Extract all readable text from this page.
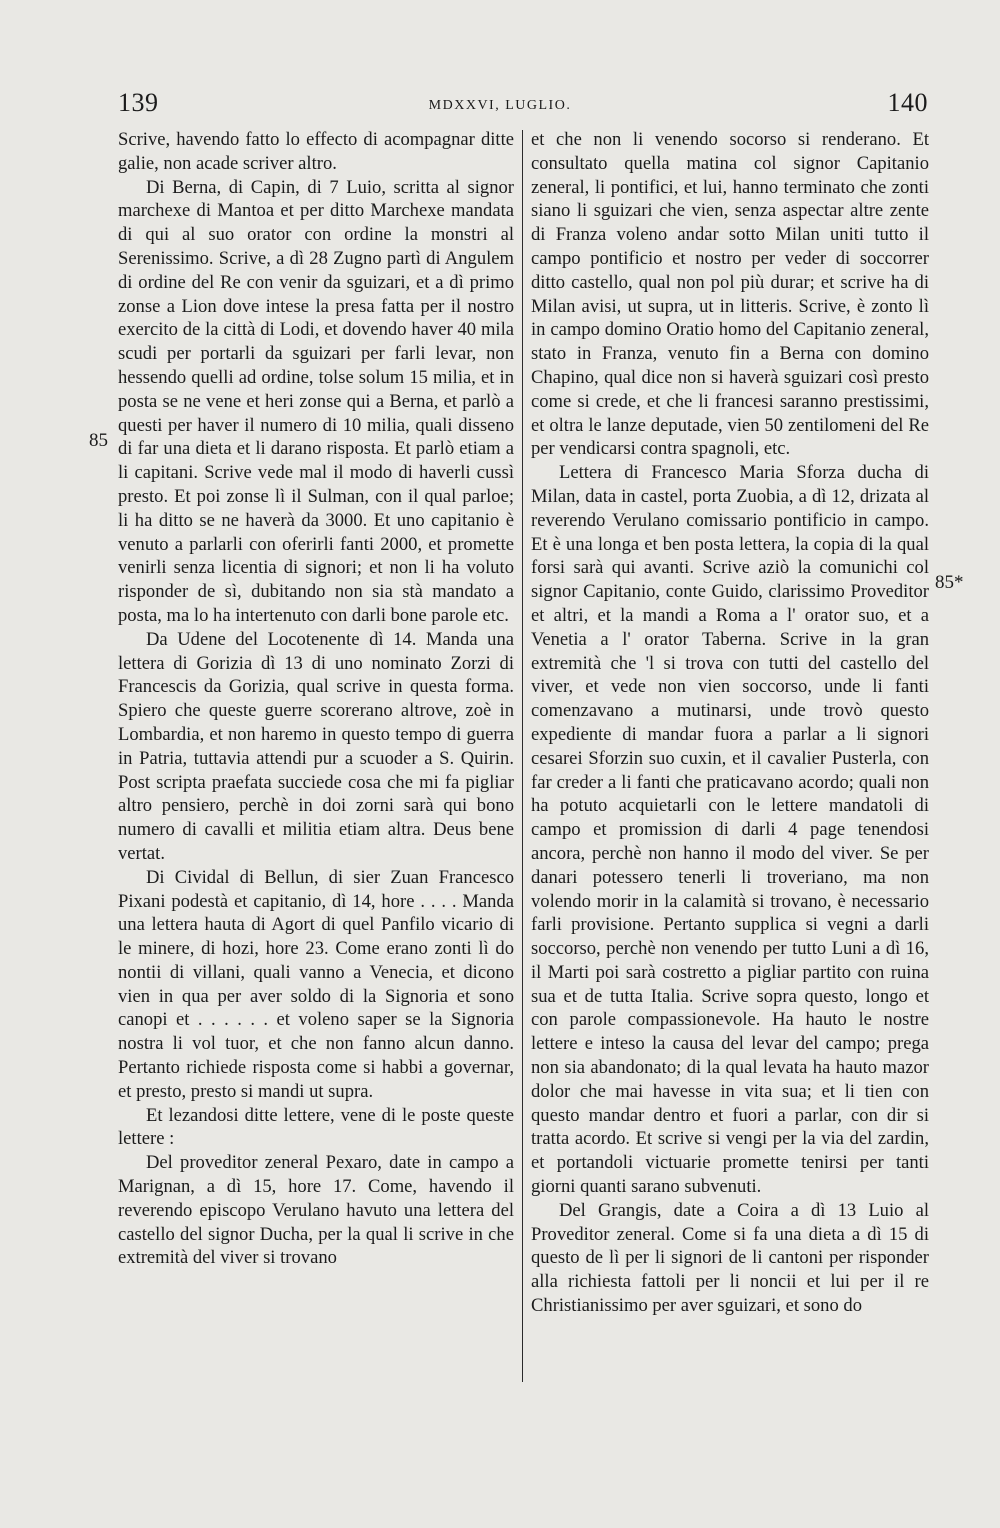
139	MDXXVI, LUGLIO.	140
85
85*

Scrive, havendo fatto lo effecto di acompagnar ditte galie, non acade scriver altro.

Di Berna, di Capin, di 7 Luio, scritta al signor marchexe di Mantoa et per ditto Marchexe mandata di qui al suo orator con ordine la monstri al Serenissimo. Scrive, a dì 28 Zugno partì di Angulem di ordine del Re con venir da sguizari, et a dì primo zonse a Lion dove intese la presa fatta per il nostro exercito de la città di Lodi, et dovendo haver 40 mila scudi per portarli da sguizari per farli levar, non hessendo quelli ad ordine, tolse solum 15 milia, et in posta se ne vene et heri zonse qui a Berna, et parlò a questi per haver il numero di 10 milia, quali disseno di far una dieta et li darano risposta. Et parlò etiam a li capitani. Scrive vede mal il modo di haverli cussì presto. Et poi zonse lì il Sulman, con il qual parloe; li ha ditto se ne haverà da 3000. Et uno capitanio è venuto a parlarli con oferirli fanti 2000, et promette venirli senza licentia di signori; et non li ha voluto risponder de sì, dubitando non sia stà mandato a posta, ma lo ha intertenuto con darli bone parole etc.

Da Udene del Locotenente dì 14. Manda una lettera di Gorizia dì 13 di uno nominato Zorzi di Francescis da Gorizia, qual scrive in questa forma. Spiero che queste guerre scorerano altrove, zoè in Lombardia, et non haremo in questo tempo di guerra in Patria, tuttavia attendi pur a scuoder a S. Quirin. Post scripta praefata succiede cosa che mi fa pigliar altro pensiero, perchè in doi zorni sarà qui bono numero di cavalli et militia etiam altra. Deus bene vertat.

Di Cividal di Bellun, di sier Zuan Francesco Pixani podestà et capitanio, dì 14, hore . . . . Manda una lettera hauta di Agort di quel Panfilo vicario di le minere, di hozi, hore 23. Come erano zonti lì do nontii di villani, quali vanno a Venecia, et dicono vien in qua per aver soldo di la Signoria et sono canopi et . . . . . . et voleno saper se la Signoria nostra li vol tuor, et che non fanno alcun danno. Pertanto richiede risposta come si habbi a governar, et presto, presto si mandi ut supra.

Et lezandosi ditte lettere, vene di le poste queste lettere :

Del proveditor zeneral Pexaro, date in campo a Marignan, a dì 15, hore 17. Come, havendo il reverendo episcopo Verulano havuto una lettera del castello del signor Ducha, per la qual li scrive in che extremità del viver si trovano

et che non li venendo socorso si renderano. Et consultato quella matina col signor Capitanio zeneral, li pontifici, et lui, hanno terminato che zonti siano li sguizari che vien, senza aspectar altre zente di Franza voleno andar sotto Milan uniti tutto il campo pontificio et nostro per veder di soccorrer ditto castello, qual non pol più durar; et scrive ha di Milan avisi, ut supra, ut in litteris. Scrive, è zonto lì in campo domino Oratio homo del Capitanio zeneral, stato in Franza, venuto fin a Berna con domino Chapino, qual dice non si haverà sguizari così presto come si crede, et che li francesi saranno prestissimi, et oltra le lanze deputade, vien 50 zentilomeni del Re per vendicarsi contra spagnoli, etc.

Lettera di Francesco Maria Sforza ducha di Milan, data in castel, porta Zuobia, a dì 12, drizata al reverendo Verulano comissario pontificio in campo. Et è una longa et ben posta lettera, la copia di la qual forsi sarà qui avanti. Scrive aziò la comunichi col signor Capitanio, conte Guido, clarissimo Proveditor et altri, et la mandi a Roma a l' orator suo, et a Venetia a l' orator Taberna. Scrive in la gran extremità che 'l si trova con tutti del castello del viver, et vede non vien soccorso, unde li fanti comenzavano a mutinarsi, unde trovò questo expediente di mandar fuora a parlar a li signori cesarei Sforzin suo cuxin, et il cavalier Pusterla, con far creder a li fanti che praticavano acordo; quali non ha potuto acquietarli con le lettere mandatoli di campo et promission di darli 4 page tenendosi ancora, perchè non hanno il modo del viver. Se per danari potessero tenerli li troveriano, ma non volendo morir in la calamità si trovano, è necessario farli provisione. Pertanto supplica si vegni a darli soccorso, perchè non venendo per tutto Luni a dì 16, il Marti poi sarà costretto a pigliar partito con ruina sua et de tutta Italia. Scrive sopra questo, longo et con parole compassionevole. Ha hauto le nostre lettere e inteso la causa del levar del campo; prega non sia abandonato; di la qual levata ha hauto mazor dolor che mai havesse in vita sua; et li tien con questo mandar dentro et fuori a parlar, con dir si tratta acordo. Et scrive si vengi per la via del zardin, et portandoli victuarie promette tenirsi per tanti giorni quanti sarano subvenuti.

Del Grangis, date a Coira a dì 13 Luio al Proveditor zeneral. Come si fa una dieta a dì 15 di questo de lì per li signori de li cantoni per risponder alla richiesta fattoli per li noncii et lui per il re Christianissimo per aver sguizari, et sono do
